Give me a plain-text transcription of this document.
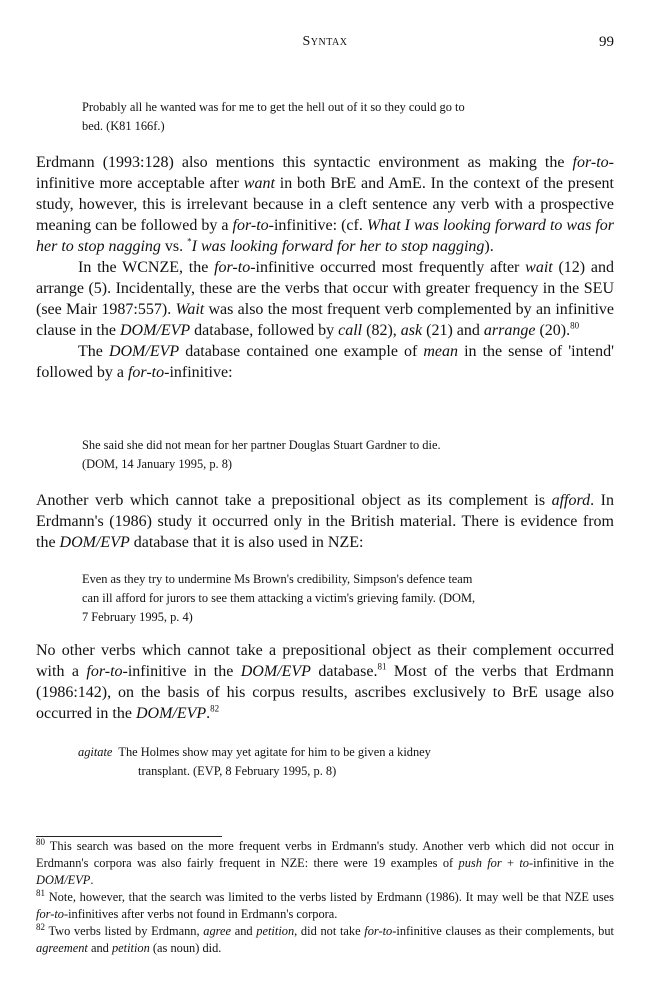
Syntax	99
Probably all he wanted was for me to get the hell out of it so they could go to
bed. (K81 166f.)

Erdmann (1993:128) also mentions this syntactic environment as making the for-to-infinitive more acceptable after want in both BrE and AmE. In the context of the present study, however, this is irrelevant because in a cleft sentence any verb with a prospective meaning can be followed by a for-to-infinitive: (cf. What I was looking forward to was for her to stop nagging vs. *I was looking forward for her to stop nagging).

In the WCNZE, the for-to-infinitive occurred most frequently after wait (12) and arrange (5). Incidentally, these are the verbs that occur with greater frequency in the SEU (see Mair 1987:557). Wait was also the most frequent verb complemented by an infinitive clause in the DOM/EVP database, followed by call (82), ask (21) and arrange (20).$^{80}$

The DOM/EVP database contained one example of mean in the sense of 'intend' followed by a for-to-infinitive:

She said she did not mean for her partner Douglas Stuart Gardner to die.
(DOM, 14 January 1995, p. 8)

Another verb which cannot take a prepositional object as its complement is afford. In Erdmann's (1986) study it occurred only in the British material. There is evidence from the DOM/EVP database that it is also used in NZE:

Even as they try to undermine Ms Brown's credibility, Simpson's defence team
can ill afford for jurors to see them attacking a victim's grieving family. (DOM,
7 February 1995, p. 4)

No other verbs which cannot take a prepositional object as their complement occurred with a for-to-infinitive in the DOM/EVP database.$^{81}$ Most of the verbs that Erdmann (1986:142), on the basis of his corpus results, ascribes exclusively to BrE usage also occurred in the DOM/EVP.$^{82}$

agitate The Holmes show may yet agitate for him to be given a kidney
transplant. (EVP, 8 February 1995, p. 8)

$^{80}$ This search was based on the more frequent verbs in Erdmann's study. Another verb which did not occur in Erdmann's corpora was also fairly frequent in NZE: there were 19 examples of push for + to-infinitive in the DOM/EVP.

$^{81}$ Note, however, that the search was limited to the verbs listed by Erdmann (1986). It may well be that NZE uses for-to-infinitives after verbs not found in Erdmann's corpora.

$^{82}$ Two verbs listed by Erdmann, agree and petition, did not take for-to-infinitive clauses as their complements, but agreement and petition (as noun) did.
